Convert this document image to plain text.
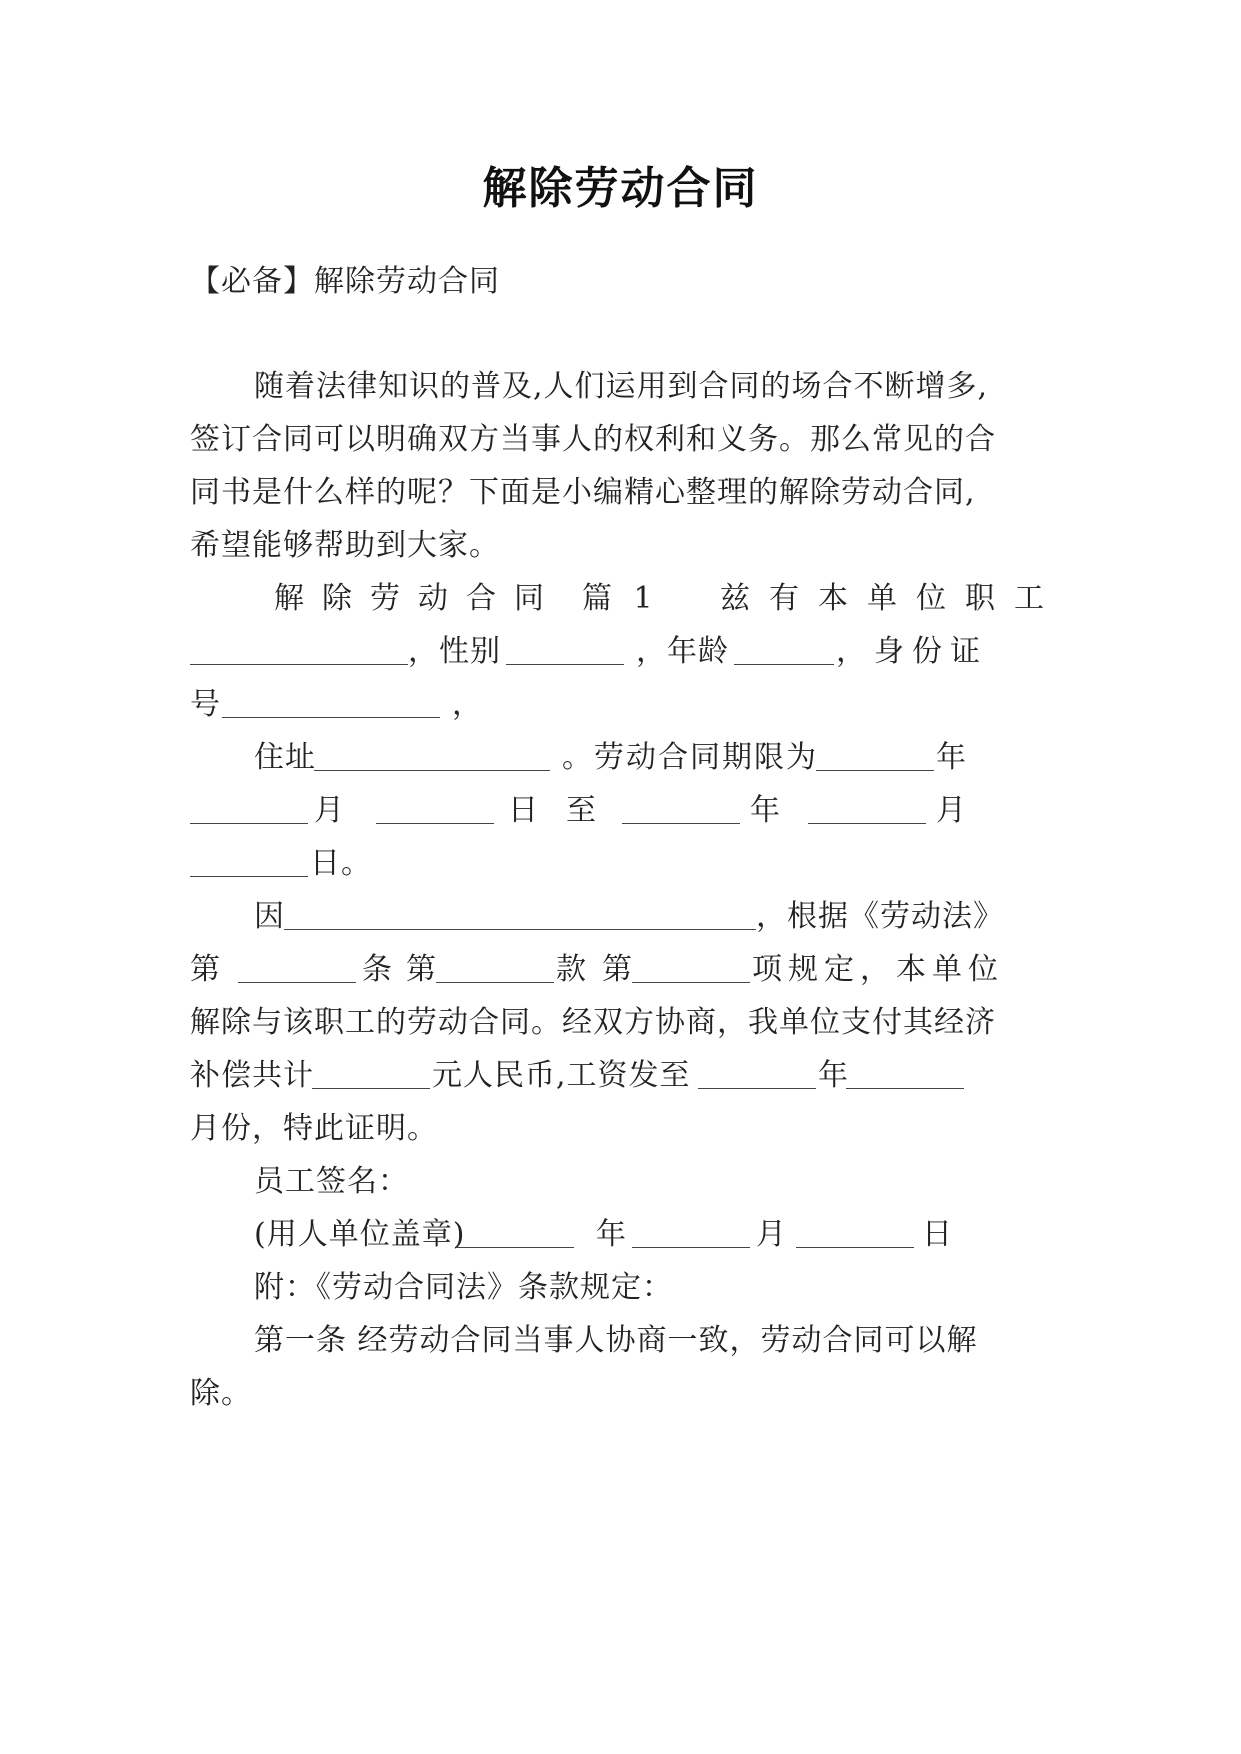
解除劳动合同
【必备】解除劳动合同
随着法律知识的普及,人们运用到合同的场合不断增多,
签订合同可以明确双方当事人的权利和义务。那么常见的合
同书是什么样的呢？下面是小编精心整理的解除劳动合同,
希望能够帮助到大家。
解除劳动合同 篇 1 兹有本单位职工
，性别	，年龄	，身份证
号	，
住址	。劳动合同期限为	年
月	日 至	年	月
日。
因	，根据《劳动法》
第	条 第	款 第	项规定，本单位
解除与该职工的劳动合同。经双方协商，我单位支付其经济
补偿共计	元人民币,工资发至	年
月份，特此证明。
员工签名：
(用人单位盖章)	年	月	日
附：《劳动合同法》条款规定：
第一条 经劳动合同当事人协商一致，劳动合同可以解
除。
